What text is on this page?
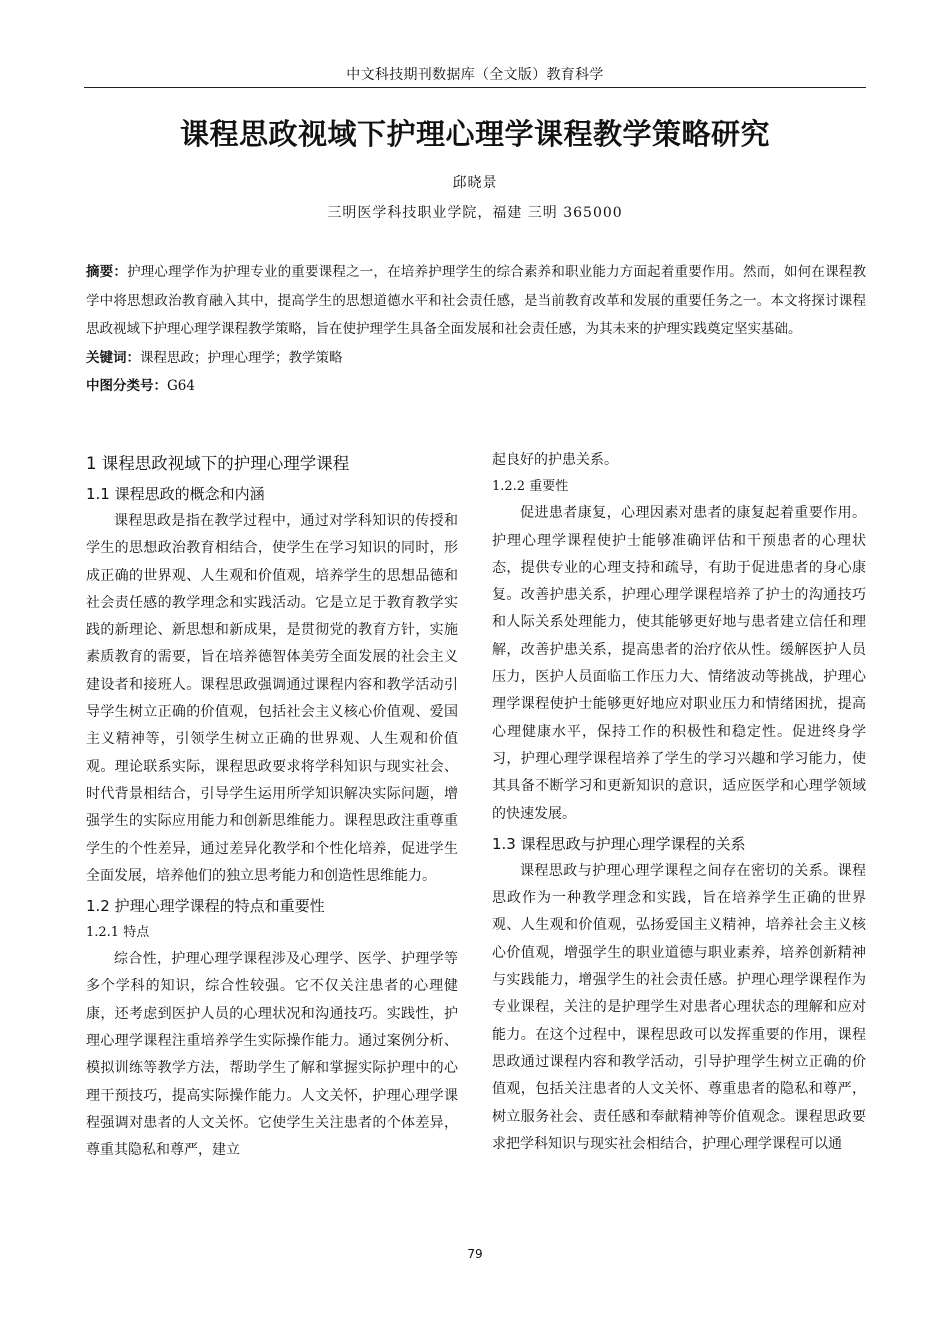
中文科技期刊数据库（全文版）教育科学
课程思政视域下护理心理学课程教学策略研究
邱晓景
三明医学科技职业学院，福建 三明 365000

摘要：护理心理学作为护理专业的重要课程之一，在培养护理学生的综合素养和职业能力方面起着重要作用。然而，如何在课程教学中将思想政治教育融入其中，提高学生的思想道德水平和社会责任感，是当前教育改革和发展的重要任务之一。本文将探讨课程思政视域下护理心理学课程教学策略，旨在使护理学生具备全面发展和社会责任感，为其未来的护理实践奠定坚实基础。

关键词：课程思政；护理心理学；教学策略

中图分类号：G64

1 课程思政视域下的护理心理学课程
1.1 课程思政的概念和内涵

课程思政是指在教学过程中，通过对学科知识的传授和学生的思想政治教育相结合，使学生在学习知识的同时，形成正确的世界观、人生观和价值观，培养学生的思想品德和社会责任感的教学理念和实践活动。它是立足于教育教学实践的新理论、新思想和新成果，是贯彻党的教育方针，实施素质教育的需要，旨在培养德智体美劳全面发展的社会主义建设者和接班人。课程思政强调通过课程内容和教学活动引导学生树立正确的价值观，包括社会主义核心价值观、爱国主义精神等，引领学生树立正确的世界观、人生观和价值观。理论联系实际，课程思政要求将学科知识与现实社会、时代背景相结合，引导学生运用所学知识解决实际问题，增强学生的实际应用能力和创新思维能力。课程思政注重尊重学生的个性差异，通过差异化教学和个性化培养，促进学生全面发展，培养他们的独立思考能力和创造性思维能力。

1.2 护理心理学课程的特点和重要性
1.2.1 特点

综合性，护理心理学课程涉及心理学、医学、护理学等多个学科的知识，综合性较强。它不仅关注患者的心理健康，还考虑到医护人员的心理状况和沟通技巧。实践性，护理心理学课程注重培养学生实际操作能力。通过案例分析、模拟训练等教学方法，帮助学生了解和掌握实际护理中的心理干预技巧，提高实际操作能力。人文关怀，护理心理学课程强调对患者的人文关怀。它使学生关注患者的个体差异，尊重其隐私和尊严，建立

起良好的护患关系。

1.2.2 重要性

促进患者康复，心理因素对患者的康复起着重要作用。护理心理学课程使护士能够准确评估和干预患者的心理状态，提供专业的心理支持和疏导，有助于促进患者的身心康复。改善护患关系，护理心理学课程培养了护士的沟通技巧和人际关系处理能力，使其能够更好地与患者建立信任和理解，改善护患关系，提高患者的治疗依从性。缓解医护人员压力，医护人员面临工作压力大、情绪波动等挑战，护理心理学课程使护士能够更好地应对职业压力和情绪困扰，提高心理健康水平，保持工作的积极性和稳定性。促进终身学习，护理心理学课程培养了学生的学习兴趣和学习能力，使其具备不断学习和更新知识的意识，适应医学和心理学领域的快速发展。

1.3 课程思政与护理心理学课程的关系

课程思政与护理心理学课程之间存在密切的关系。课程思政作为一种教学理念和实践，旨在培养学生正确的世界观、人生观和价值观，弘扬爱国主义精神，培养社会主义核心价值观，增强学生的职业道德与职业素养，培养创新精神与实践能力，增强学生的社会责任感。护理心理学课程作为专业课程，关注的是护理学生对患者心理状态的理解和应对能力。在这个过程中，课程思政可以发挥重要的作用，课程思政通过课程内容和教学活动，引导护理学生树立正确的价值观，包括关注患者的人文关怀、尊重患者的隐私和尊严，树立服务社会、责任感和奉献精神等价值观念。课程思政要求把学科知识与现实社会相结合，护理心理学课程可以通

79
